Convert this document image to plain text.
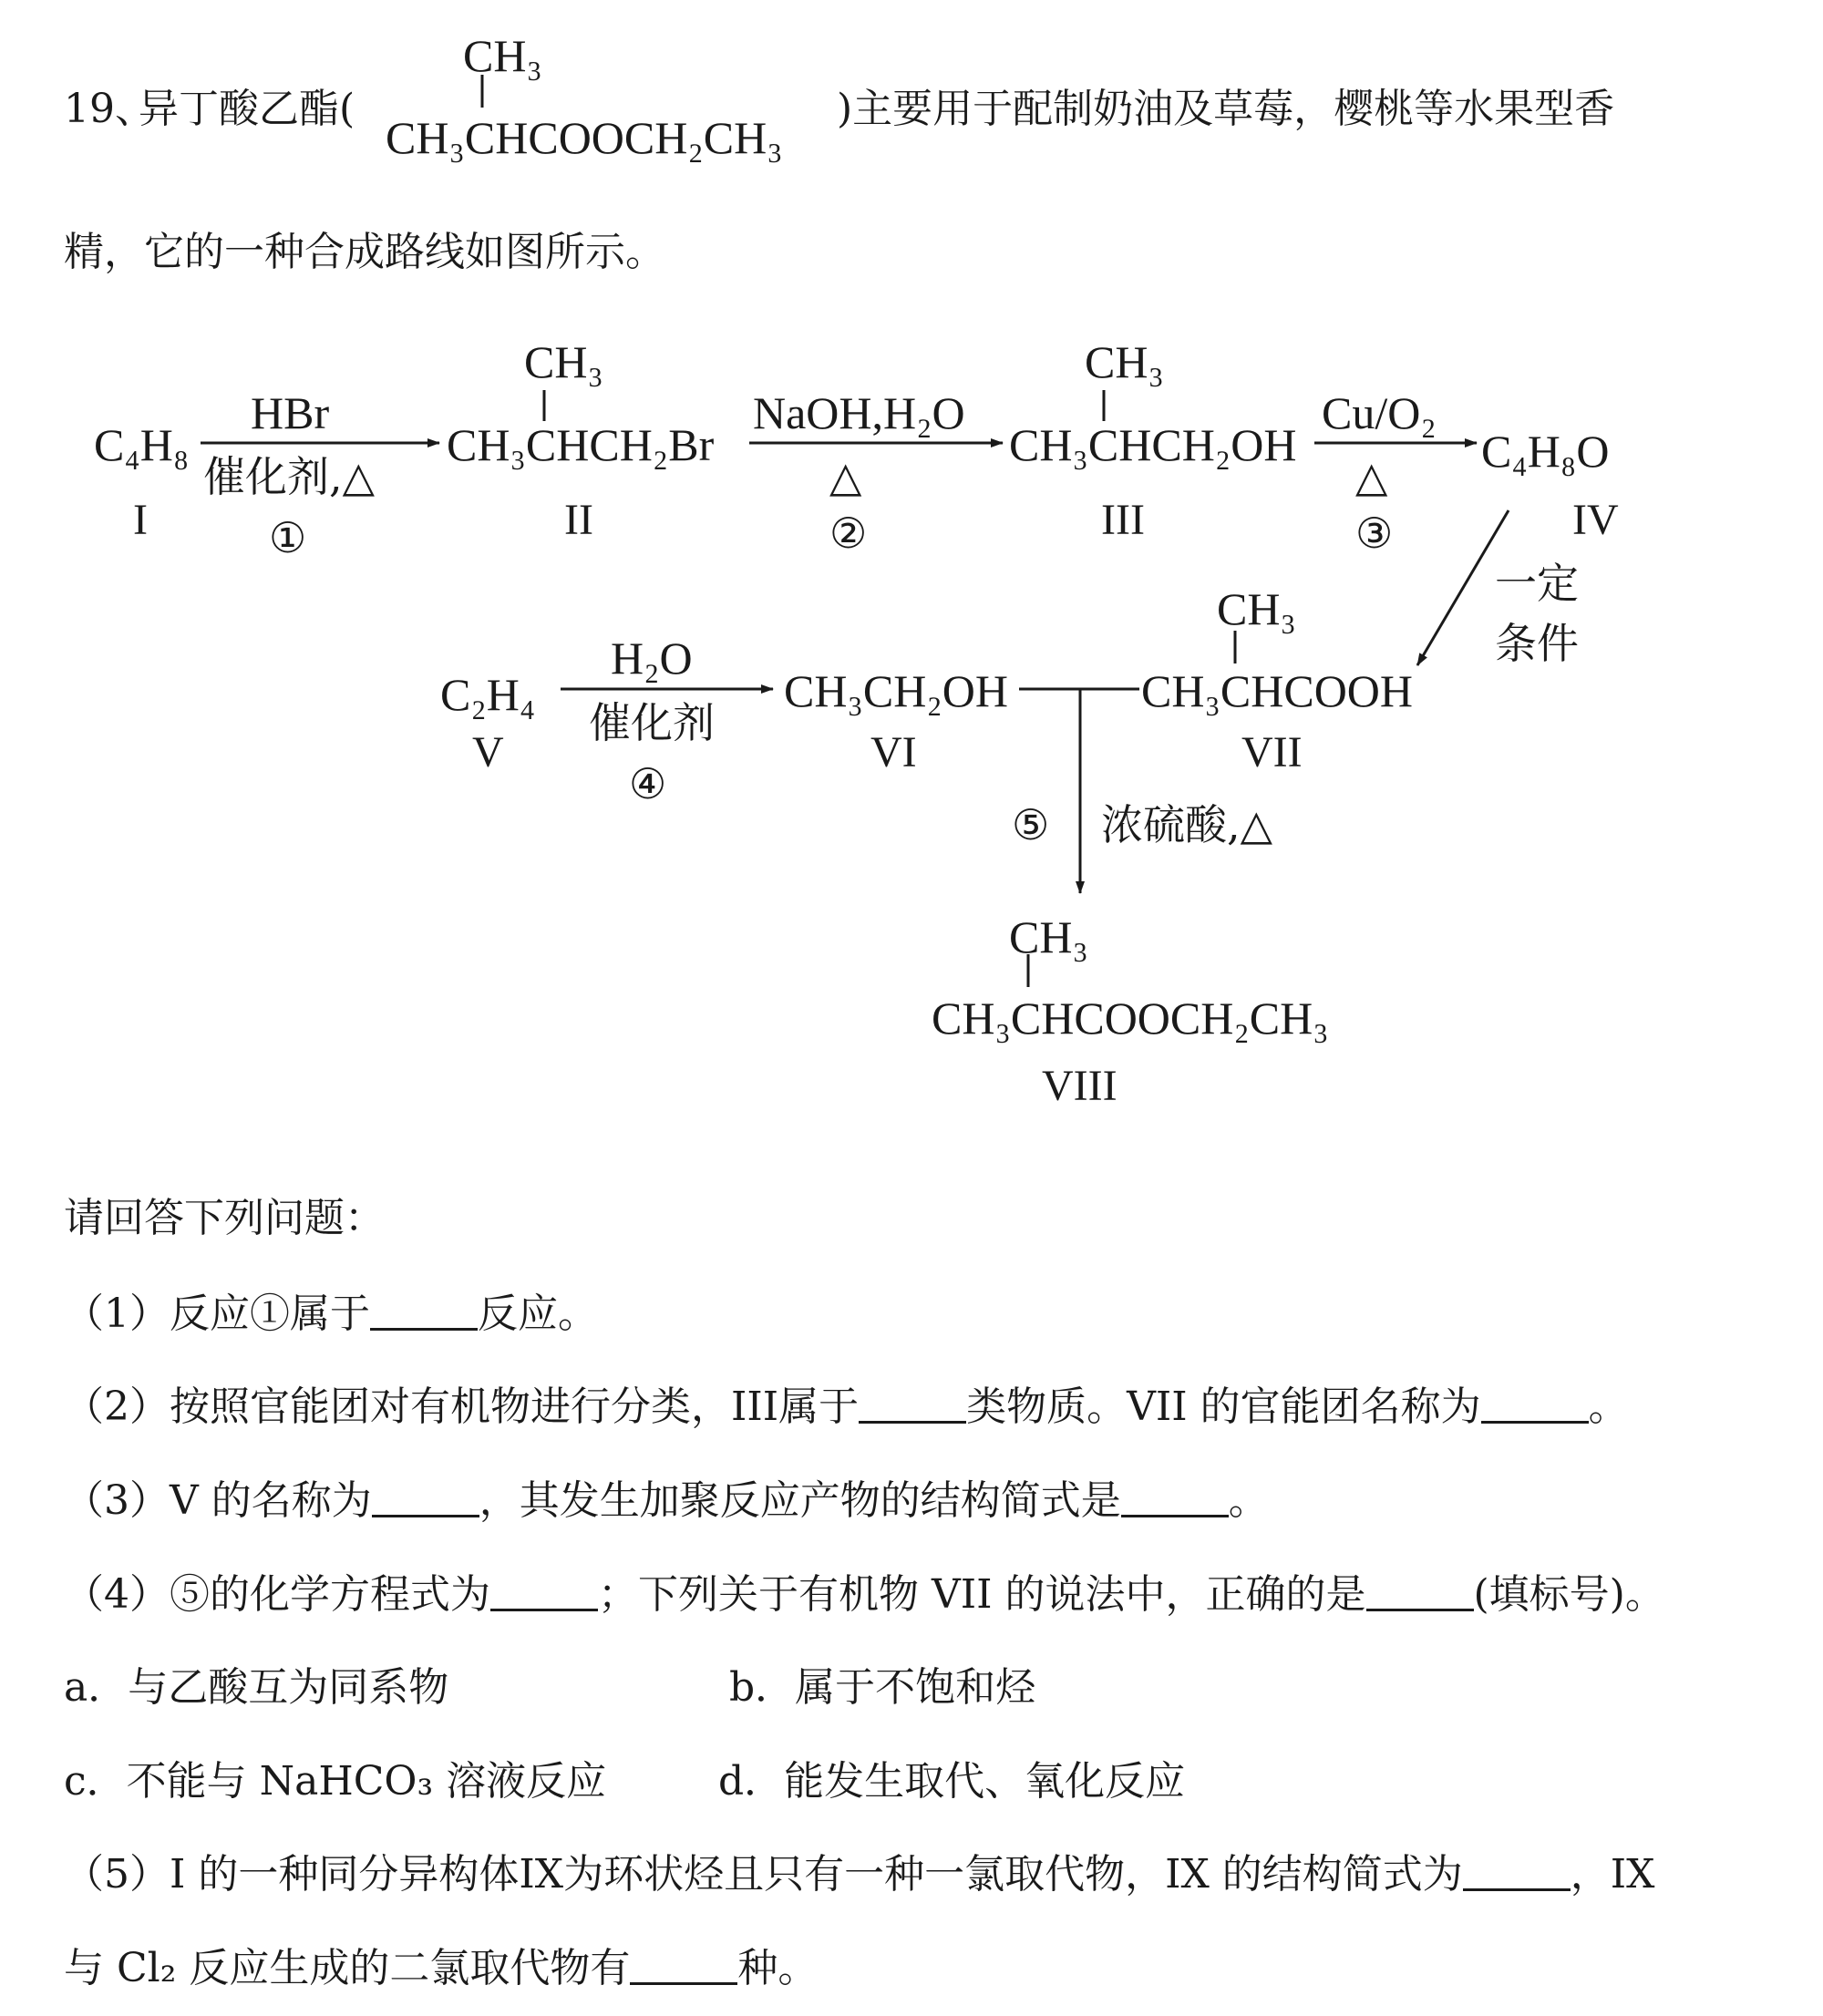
19、
异丁酸乙酯(
CH₃
CH₃CHCOOCH₂CH₃
)主要用于配制奶油及草莓，樱桃等水果型香
精，它的一种合成路线如图所示。
C₄H₈
I
HBr
催化剂,△
①
CH₃
CH₃CHCH₂Br
II
NaOH,H₂O
△
②
CH₃
CH₃CHCH₂OH
III
Cu/O₂
△
③
C₄H₈O
IV
一定
条件
C₂H₄
V
H₂O
催化剂
④
CH₃CH₂OH
VI
CH₃
CH₃CHCOOH
VII
⑤ 浓硫酸,△
CH₃
CH₃CHCOOCH₂CH₃
VIII
请回答下列问题：
（1）反应①属于	反应。
（2）按照官能团对有机物进行分类，III属于	类物质。VII 的官能团名称为	。
（3）V 的名称为	，其发生加聚反应产物的结构简式是	。
（4）⑤的化学方程式为	；下列关于有机物 VII 的说法中，正确的是	(填标号)。
a．与乙酸互为同系物	b．属于不饱和烃
c．不能与 NaHCO₃ 溶液反应	d．能发生取代、氧化反应
（5）I 的一种同分异构体IX为环状烃且只有一种一氯取代物，IX 的结构简式为	，IX
与 Cl₂ 反应生成的二氯取代物有	种。
